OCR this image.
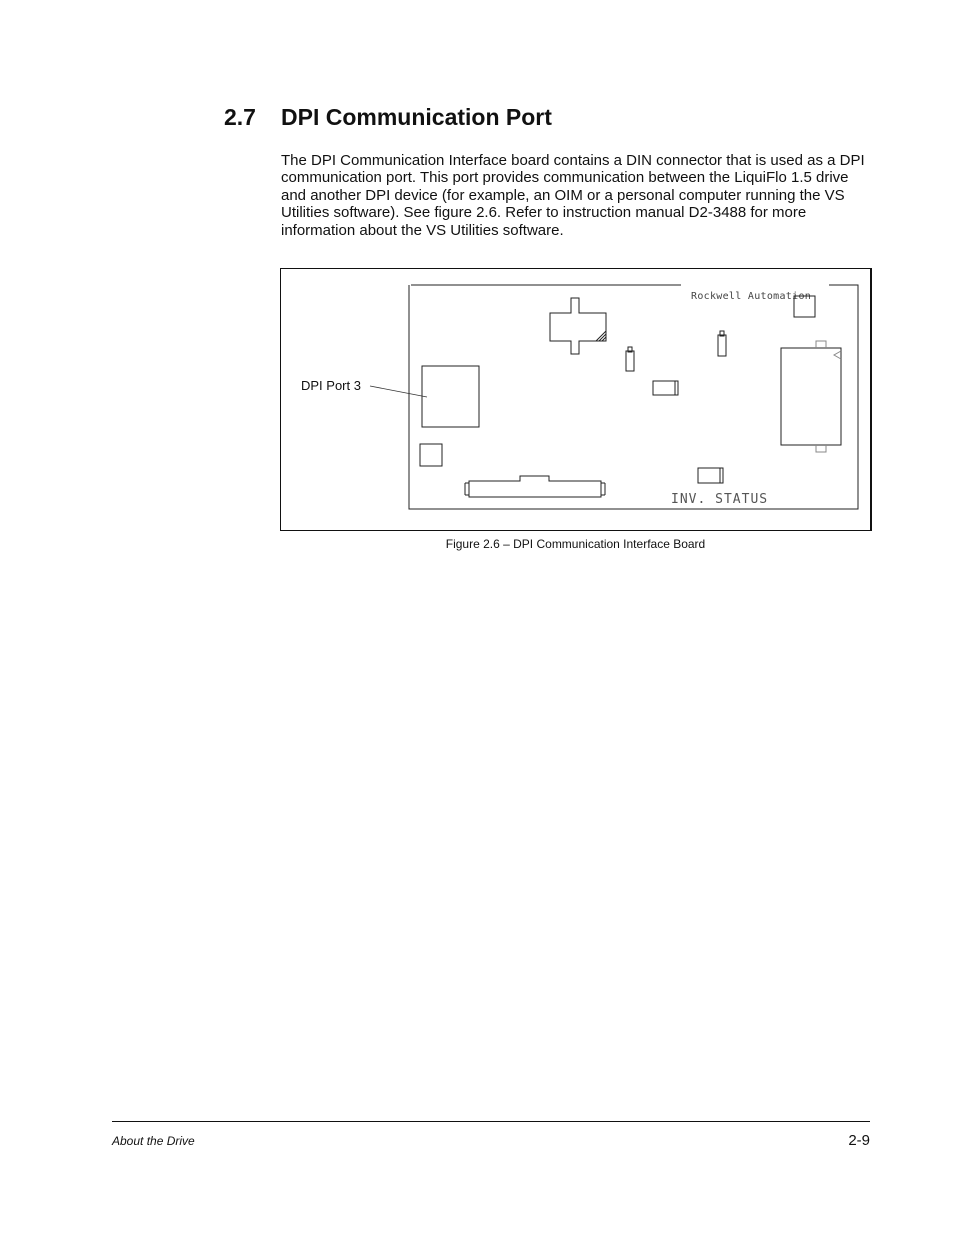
2.7 DPI Communication Port

The DPI Communication Interface board contains a DIN connector that is used as a DPI communication port. This port provides communication between the LiquiFlo 1.5 drive and another DPI device (for example, an OIM or a personal computer running the VS Utilities software). See figure 2.6. Refer to instruction manual D2-3488 for more information about the VS Utilities software.

Rockwell Automation
INV. STATUS
DPI Port 3
Figure 2.6 – DPI Communication Interface Board
About the Drive	2-9
